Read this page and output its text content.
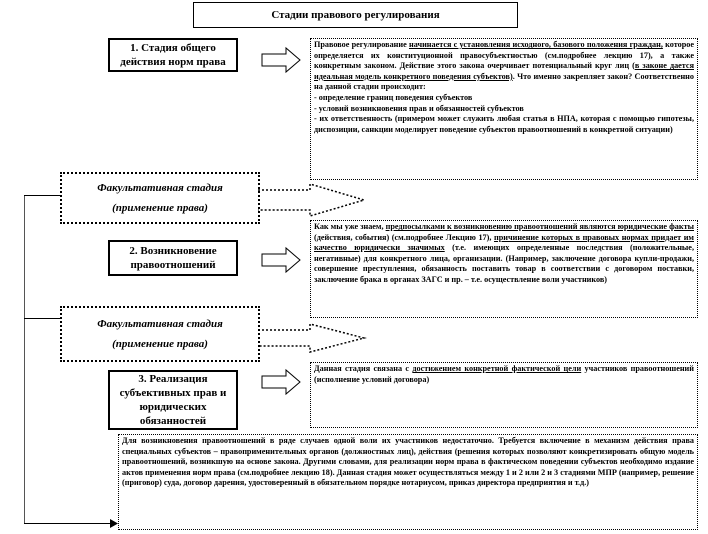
Стадии правового регулирования
1. Стадия общего
действия норм права
Правовое регулирование начинается с установления исходного, базового положения граждан, которое определяется их конституционной правосубъектностью (см.подробнее лекцию 17), а также конкретным законом. Действие этого закона очерчивает потенциальный круг лиц (в законе дается идеальная модель конкретного поведения субъектов). Что именно закрепляет закон? Соответственно на данной стадии происходит:
- определение границ поведения субъектов
- условий возникновения прав и обязанностей субъектов
- их ответственность (примером может служить любая статья в НПА, которая с помощью гипотезы, диспозиции, санкции моделирует поведение субъектов правоотношений в конкретной ситуации)
Факультативная стадия
(применение права)
2. Возникновение
правоотношений
Как мы уже знаем, предпосылками к возникновению правоотношений являются юридические факты (действия, события) (см.подробнее Лекцию 17), причинение которых в правовых нормах придает им качество юридически значимых (т.е. имеющих определенные последствия (положительные, негативные) для конкретного лица, организации. (Например, заключение договора купли-продажи, совершение преступления, обязанность поставить товар в соответствии с договором поставки, заключение брака в органах ЗАГС и пр. – т.е. осуществление воли участников)
Факультативная стадия
(применение права)
3. Реализация
субъективных прав и
юридических
обязанностей
Данная стадия связана с достижением конкретной фактической цели участников правоотношений (исполнение условий договора)
Для возникновения правоотношений в ряде случаев одной воли их участников недостаточно. Требуется включение в механизм действия права специальных субъектов – правоприменительных органов (должностных лиц), действия (решения которых позволяют конкретизировать общую модель правоотношений, возникшую на основе закона. Другими словами, для реализации норм права в фактическом поведении субъектов необходимо издание актов применения норм права (см.подробнее лекцию 18). Данная стадия может осуществляться между 1 и 2 или 2 и 3 стадиями МПР (например, решение (приговор) суда, договор дарения, удостоверенный в обязательном порядке нотариусом, приказ директора предприятия и т.д.)
